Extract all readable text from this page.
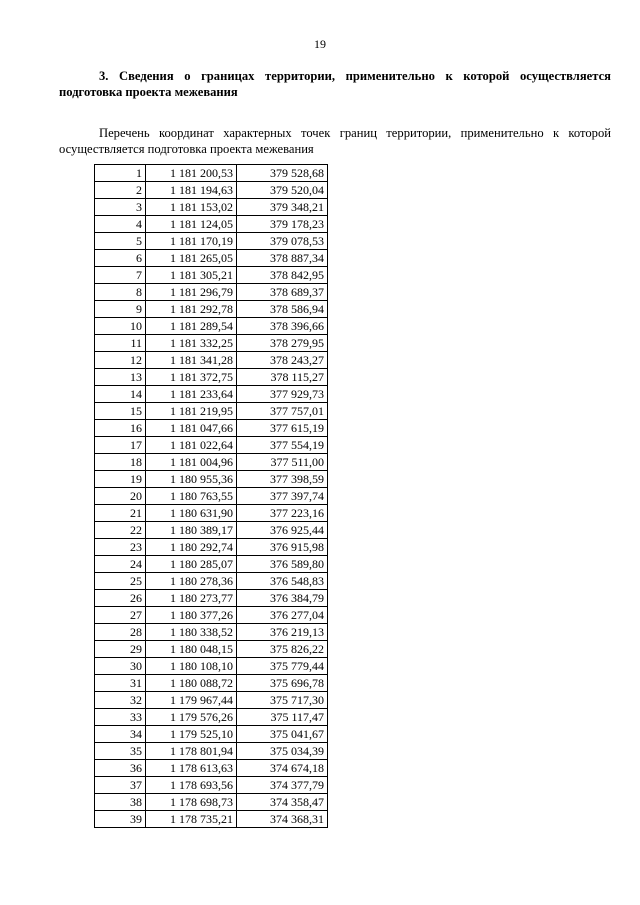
19
3. Сведения о границах территории, применительно к которой осуществляется подготовка проекта межевания
Перечень координат характерных точек границ территории, применительно к которой осуществляется подготовка проекта межевания
1	1 181 200,53	379 528,68
2	1 181 194,63	379 520,04
3	1 181 153,02	379 348,21
4	1 181 124,05	379 178,23
5	1 181 170,19	379 078,53
6	1 181 265,05	378 887,34
7	1 181 305,21	378 842,95
8	1 181 296,79	378 689,37
9	1 181 292,78	378 586,94
10	1 181 289,54	378 396,66
11	1 181 332,25	378 279,95
12	1 181 341,28	378 243,27
13	1 181 372,75	378 115,27
14	1 181 233,64	377 929,73
15	1 181 219,95	377 757,01
16	1 181 047,66	377 615,19
17	1 181 022,64	377 554,19
18	1 181 004,96	377 511,00
19	1 180 955,36	377 398,59
20	1 180 763,55	377 397,74
21	1 180 631,90	377 223,16
22	1 180 389,17	376 925,44
23	1 180 292,74	376 915,98
24	1 180 285,07	376 589,80
25	1 180 278,36	376 548,83
26	1 180 273,77	376 384,79
27	1 180 377,26	376 277,04
28	1 180 338,52	376 219,13
29	1 180 048,15	375 826,22
30	1 180 108,10	375 779,44
31	1 180 088,72	375 696,78
32	1 179 967,44	375 717,30
33	1 179 576,26	375 117,47
34	1 179 525,10	375 041,67
35	1 178 801,94	375 034,39
36	1 178 613,63	374 674,18
37	1 178 693,56	374 377,79
38	1 178 698,73	374 358,47
39	1 178 735,21	374 368,31
